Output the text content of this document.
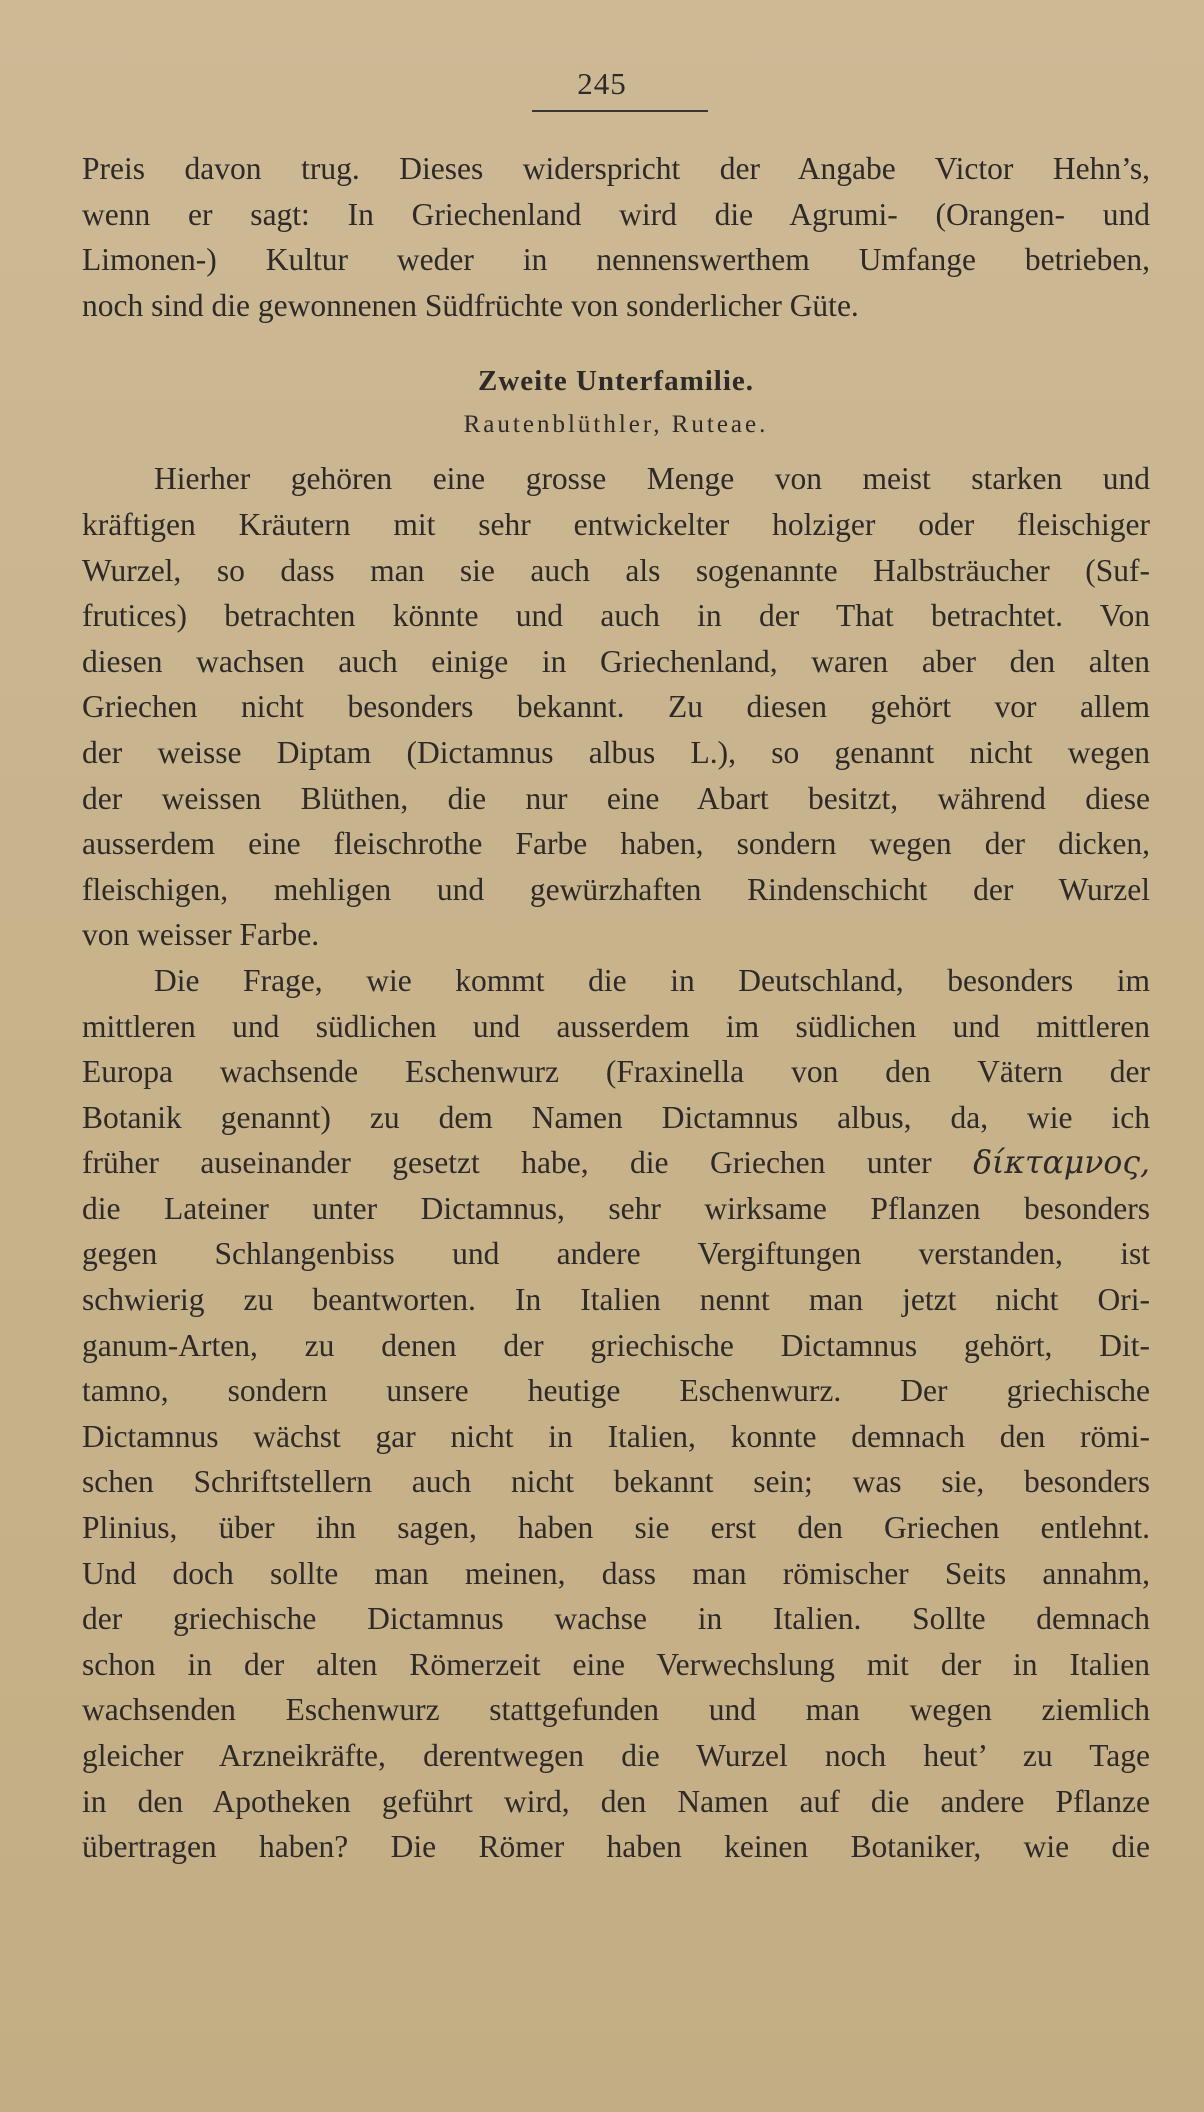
245
Preis davon trug. Dieses widerspricht der Angabe Victor Hehn’s,
wenn er sagt: In Griechenland wird die Agrumi- (Orangen- und
Limonen-) Kultur weder in nennenswerthem Umfange betrieben,
noch sind die gewonnenen Südfrüchte von sonderlicher Güte.
Zweite Unterfamilie.
Rautenblüthler, Ruteae.
Hierher gehören eine grosse Menge von meist starken und
kräftigen Kräutern mit sehr entwickelter holziger oder fleischiger
Wurzel, so dass man sie auch als sogenannte Halbsträucher (Suf-
frutices) betrachten könnte und auch in der That betrachtet. Von
diesen wachsen auch einige in Griechenland, waren aber den alten
Griechen nicht besonders bekannt. Zu diesen gehört vor allem
der weisse Diptam (Dictamnus albus L.), so genannt nicht wegen
der weissen Blüthen, die nur eine Abart besitzt, während diese
ausserdem eine fleischrothe Farbe haben, sondern wegen der dicken,
fleischigen, mehligen und gewürzhaften Rindenschicht der Wurzel
von weisser Farbe.
Die Frage, wie kommt die in Deutschland, besonders im
mittleren und südlichen und ausserdem im südlichen und mittleren
Europa wachsende Eschenwurz (Fraxinella von den Vätern der
Botanik genannt) zu dem Namen Dictamnus albus, da, wie ich
früher auseinander gesetzt habe, die Griechen unter δίκταμνος,
die Lateiner unter Dictamnus, sehr wirksame Pflanzen besonders
gegen Schlangenbiss und andere Vergiftungen verstanden, ist
schwierig zu beantworten. In Italien nennt man jetzt nicht Ori-
ganum-Arten, zu denen der griechische Dictamnus gehört, Dit-
tamno, sondern unsere heutige Eschenwurz. Der griechische
Dictamnus wächst gar nicht in Italien, konnte demnach den römi-
schen Schriftstellern auch nicht bekannt sein; was sie, besonders
Plinius, über ihn sagen, haben sie erst den Griechen entlehnt.
Und doch sollte man meinen, dass man römischer Seits annahm,
der griechische Dictamnus wachse in Italien. Sollte demnach
schon in der alten Römerzeit eine Verwechslung mit der in Italien
wachsenden Eschenwurz stattgefunden und man wegen ziemlich
gleicher Arzneikräfte, derentwegen die Wurzel noch heut’ zu Tage
in den Apotheken geführt wird, den Namen auf die andere Pflanze
übertragen haben? Die Römer haben keinen Botaniker, wie die
